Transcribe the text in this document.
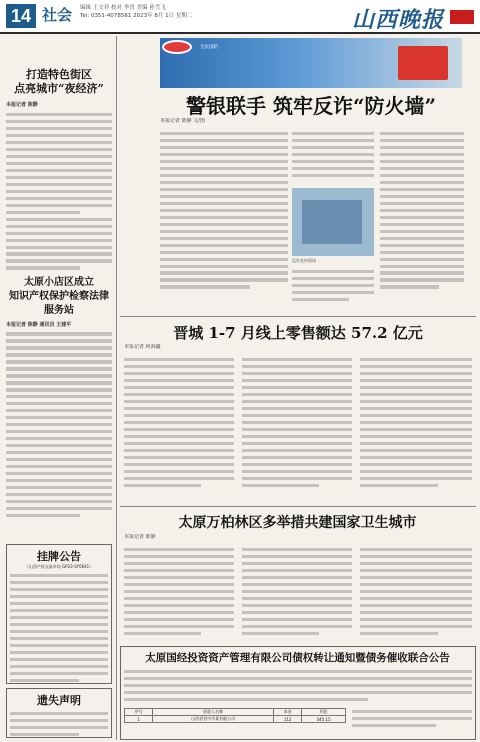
14 社会 编辑 王文菲 校对 李晋 美编 孙雪飞
Tel: 0351-4078561 2023年 8月 1日 星期二	山西晚报
打造特色街区
点亮城市“夜经济”
本报记者 陈静
太原小店区成立
知识产权保护检察法律服务站
本报记者 陈静 通讯员 王建平
挂牌公告
（山西产权交易市场 GP23-SY0641）
遗失声明
全民国防
警银联手 筑牢反诈“防火墙”
本报记者 陈静 文/图
反诈宣传现场
晋城 1-7 月线上零售额达 57.2 亿元
本报记者 何海疆
太原万柏林区多举措共建国家卫生城市
本报记者 陈静
太原国经投资资产管理有限公司债权转让通知暨债务催收联合公告
序号	借款人名称	本金	利息
1	山西省晋中市某有限公司	112	345.15
